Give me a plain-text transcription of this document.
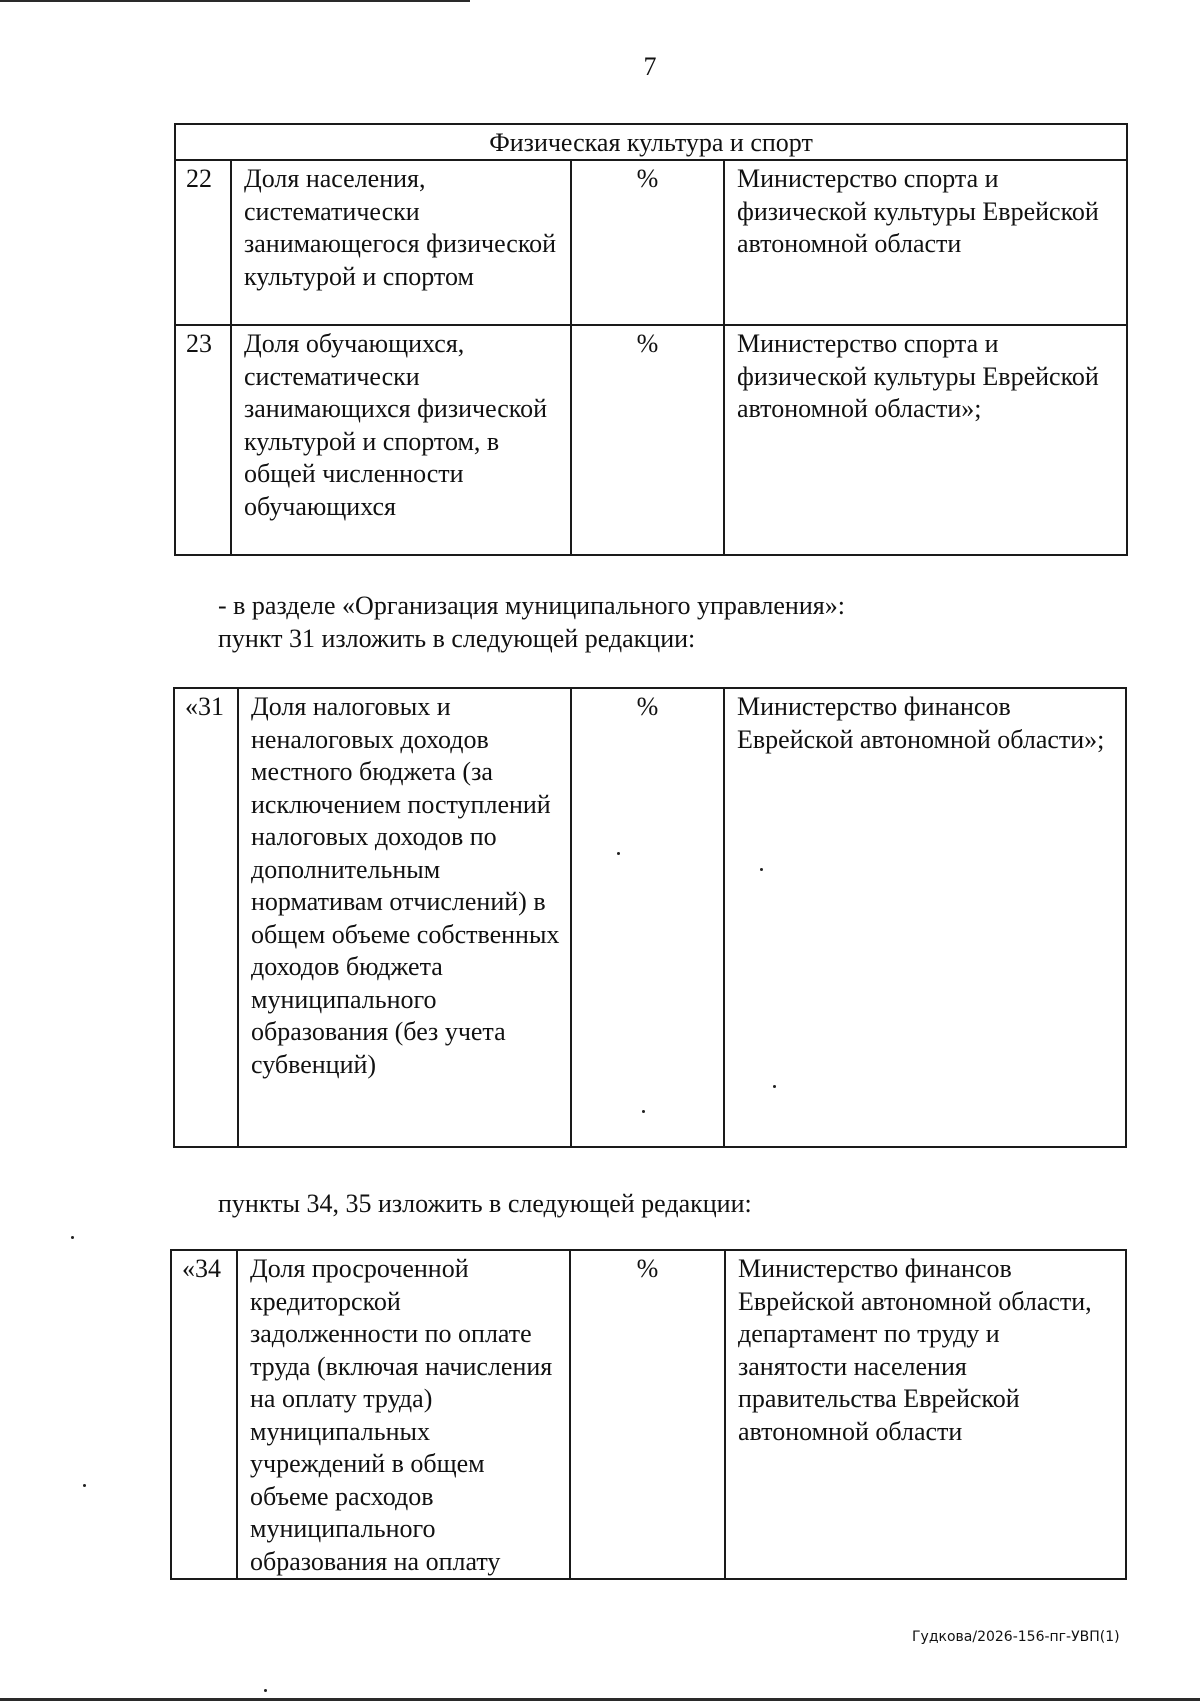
7
Физическая культура и спорт			
22	Доля населения, систематически занимающегося физической культурой и спортом	%	Министерство спорта и физической культуры Еврейской автономной области
23	Доля обучающихся, систематически занимающихся физической культурой и спортом, в общей численности обучающихся	%	Министерство спорта и физической культуры Еврейской автономной области»;
- в разделе «Организация муниципального управления»:
пункт 31 изложить в следующей редакции:
«31	Доля налоговых и неналоговых доходов местного бюджета (за исключением поступлений налоговых доходов по дополнительным нормативам отчислений) в общем объеме собственных доходов бюджета муниципального образования (без учета субвенций)	%	Министерство финансов Еврейской автономной области»;
пункты 34, 35 изложить в следующей редакции:
«34	Доля просроченной кредиторской задолженности по оплате труда (включая начисления на оплату труда) муниципальных учреждений в общем объеме расходов муниципального образования на оплату	%	Министерство финансов Еврейской автономной области, департамент по труду и занятости населения правительства Еврейской автономной области
Гудкова/2026-156-пг-УВП(1)
